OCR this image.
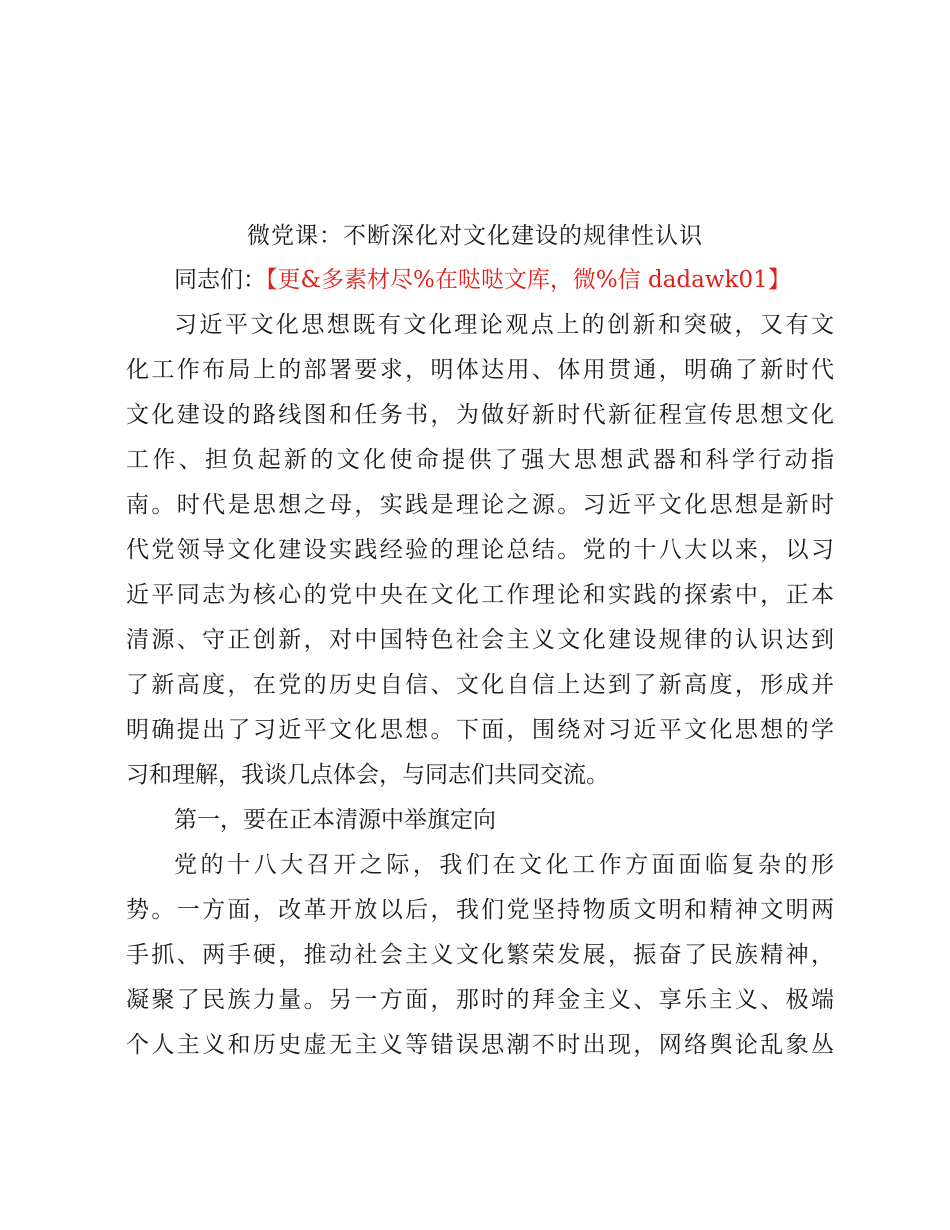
微党课：不断深化对文化建设的规律性认识
同志们：【更&多素材尽%在哒哒文库，微%信 dadawk01】
习近平文化思想既有文化理论观点上的创新和突破，又有文
化工作布局上的部署要求，明体达用、体用贯通，明确了新时代
文化建设的路线图和任务书，为做好新时代新征程宣传思想文化
工作、担负起新的文化使命提供了强大思想武器和科学行动指
南。时代是思想之母，实践是理论之源。习近平文化思想是新时
代党领导文化建设实践经验的理论总结。党的十八大以来，以习
近平同志为核心的党中央在文化工作理论和实践的探索中，正本
清源、守正创新，对中国特色社会主义文化建设规律的认识达到
了新高度，在党的历史自信、文化自信上达到了新高度，形成并
明确提出了习近平文化思想。下面，围绕对习近平文化思想的学
习和理解，我谈几点体会，与同志们共同交流。
第一，要在正本清源中举旗定向
党的十八大召开之际，我们在文化工作方面面临复杂的形
势。一方面，改革开放以后，我们党坚持物质文明和精神文明两
手抓、两手硬，推动社会主义文化繁荣发展，振奋了民族精神，
凝聚了民族力量。另一方面，那时的拜金主义、享乐主义、极端
个人主义和历史虚无主义等错误思潮不时出现，网络舆论乱象丛
